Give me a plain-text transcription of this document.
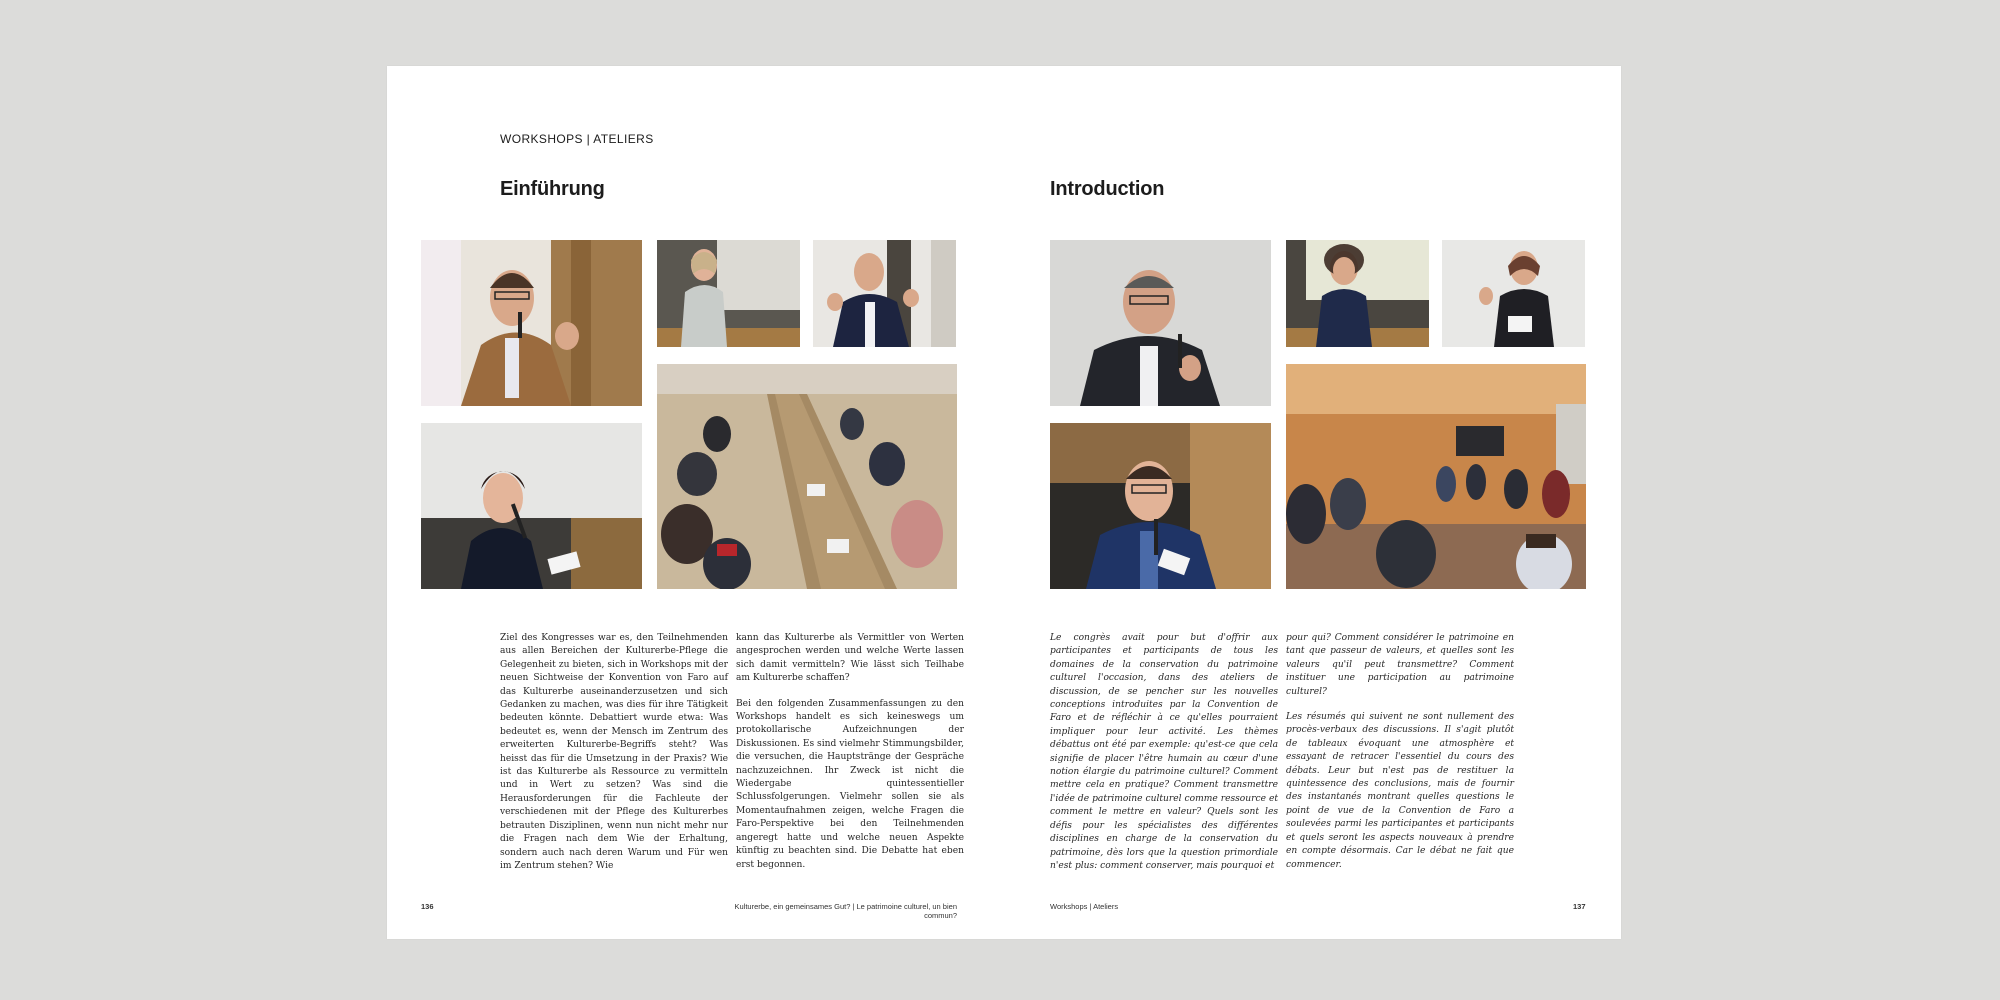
WORKSHOPS | ATELIERS
Einführung

Ziel des Kongresses war es, den Teilnehmenden aus allen Bereichen der Kulturerbe-Pflege die Gelegenheit zu bieten, sich in Workshops mit der neuen Sichtweise der Konvention von Faro auf das Kulturerbe auseinanderzusetzen und sich Gedanken zu machen, was dies für ihre Tätigkeit bedeuten könnte. Debattiert wurde etwa: Was bedeutet es, wenn der Mensch im Zentrum des erweiterten Kulturerbe-Begriffs steht? Was heisst das für die Umsetzung in der Praxis? Wie ist das Kulturerbe als Ressource zu vermitteln und in Wert zu setzen? Was sind die Herausforderungen für die Fachleute der verschiedenen mit der Pflege des Kulturerbes betrauten Disziplinen, wenn nun nicht mehr nur die Fragen nach dem Wie der Erhaltung, sondern auch nach deren Warum und Für wen im Zentrum stehen? Wie

kann das Kulturerbe als Vermittler von Werten angesprochen werden und welche Werte lassen sich damit vermitteln? Wie lässt sich Teilhabe am Kulturerbe schaffen?

Bei den folgenden Zusammenfassungen zu den Workshops handelt es sich keineswegs um protokollarische Aufzeichnungen der Diskussionen. Es sind vielmehr Stimmungsbilder, die versuchen, die Hauptstränge der Gespräche nachzuzeichnen. Ihr Zweck ist nicht die Wiedergabe quintessentieller Schlussfolgerungen. Vielmehr sollen sie als Momentaufnahmen zeigen, welche Fragen die Faro-Perspektive bei den Teilnehmenden angeregt hatte und welche neuen Aspekte künftig zu beachten sind. Die Debatte hat eben erst begonnen.

136	Kulturerbe, ein gemeinsames Gut? | Le patrimoine culturel, un bien commun?
Introduction

Le congrès avait pour but d'offrir aux participantes et participants de tous les domaines de la conservation du patrimoine culturel l'occasion, dans des ateliers de discussion, de se pencher sur les nouvelles conceptions introduites par la Convention de Faro et de réfléchir à ce qu'elles pourraient impliquer pour leur activité. Les thèmes débattus ont été par exemple: qu'est-ce que cela signifie de placer l'être humain au cœur d'une notion élargie du patrimoine culturel? Comment mettre cela en pratique? Comment transmettre l'idée de patrimoine culturel comme ressource et comment le mettre en valeur? Quels sont les défis pour les spécialistes des différentes disciplines en charge de la conservation du patrimoine, dès lors que la question primordiale n'est plus: comment conserver, mais pourquoi et

pour qui? Comment considérer le patrimoine en tant que passeur de valeurs, et quelles sont les valeurs qu'il peut transmettre? Comment instituer une participation au patrimoine culturel?

Les résumés qui suivent ne sont nullement des procès-verbaux des discussions. Il s'agit plutôt de tableaux évoquant une atmosphère et essayant de retracer l'essentiel du cours des débats. Leur but n'est pas de restituer la quintessence des conclusions, mais de fournir des instantanés montrant quelles questions le point de vue de la Convention de Faro a soulevées parmi les participantes et participants et quels seront les aspects nouveaux à prendre en compte désormais. Car le débat ne fait que commencer.

Workshops | Ateliers	137
